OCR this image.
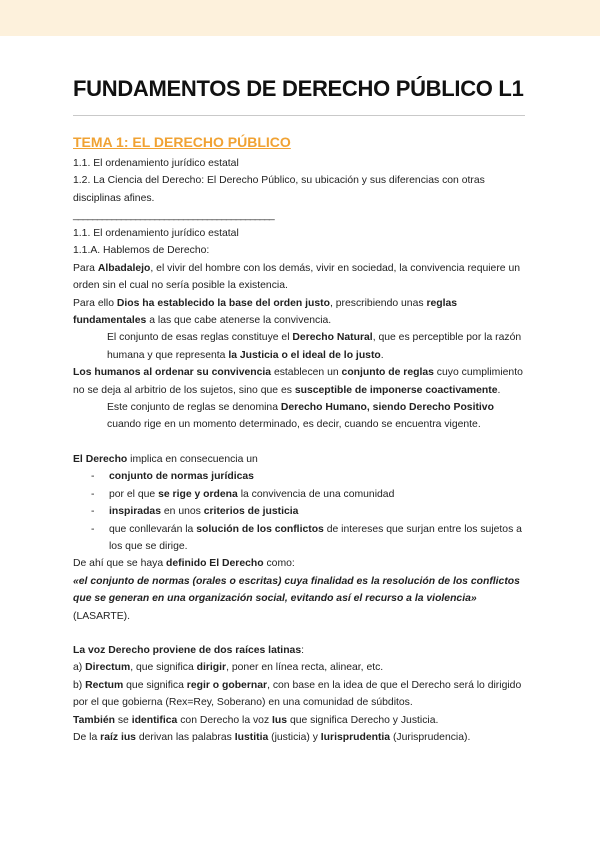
FUNDAMENTOS DE DERECHO PÚBLICO L1
TEMA 1: EL DERECHO PÚBLICO
1.1. El ordenamiento jurídico estatal
1.2. La Ciencia del Derecho: El Derecho Público, su ubicación y sus diferencias con otras disciplinas afines.
__________________________________________
1.1. El ordenamiento jurídico estatal
1.1.A. Hablemos de Derecho:
Para Albadalejo, el vivir del hombre con los demás, vivir en sociedad, la convivencia requiere un orden sin el cual no sería posible la existencia.
Para ello Dios ha establecido la base del orden justo, prescribiendo unas reglas fundamentales a las que cabe atenerse la convivencia.
El conjunto de esas reglas constituye el Derecho Natural, que es perceptible por la razón humana y que representa la Justicia o el ideal de lo justo.
Los humanos al ordenar su convivencia establecen un conjunto de reglas cuyo cumplimiento no se deja al arbitrio de los sujetos, sino que es susceptible de imponerse coactivamente.
Este conjunto de reglas se denomina Derecho Humano, siendo Derecho Positivo cuando rige en un momento determinado, es decir, cuando se encuentra vigente.
El Derecho implica en consecuencia un
- conjunto de normas jurídicas
- por el que se rige y ordena la convivencia de una comunidad
- inspiradas en unos criterios de justicia
- que conllevarán la solución de los conflictos de intereses que surjan entre los sujetos a los que se dirige.
De ahí que se haya definido El Derecho como:
«el conjunto de normas (orales o escritas) cuya finalidad es la resolución de los conflictos que se generan en una organización social, evitando así el recurso a la violencia» (LASARTE).
La voz Derecho proviene de dos raíces latinas:
a) Directum, que significa dirigir, poner en línea recta, alinear, etc.
b) Rectum que significa regir o gobernar, con base en la idea de que el Derecho será lo dirigido por el que gobierna (Rex=Rey, Soberano) en una comunidad de súbditos.
También se identifica con Derecho la voz Ius que significa Derecho y Justicia.
De la raíz ius derivan las palabras Iustitia (justicia) y Iurisprudentia (Jurisprudencia).
